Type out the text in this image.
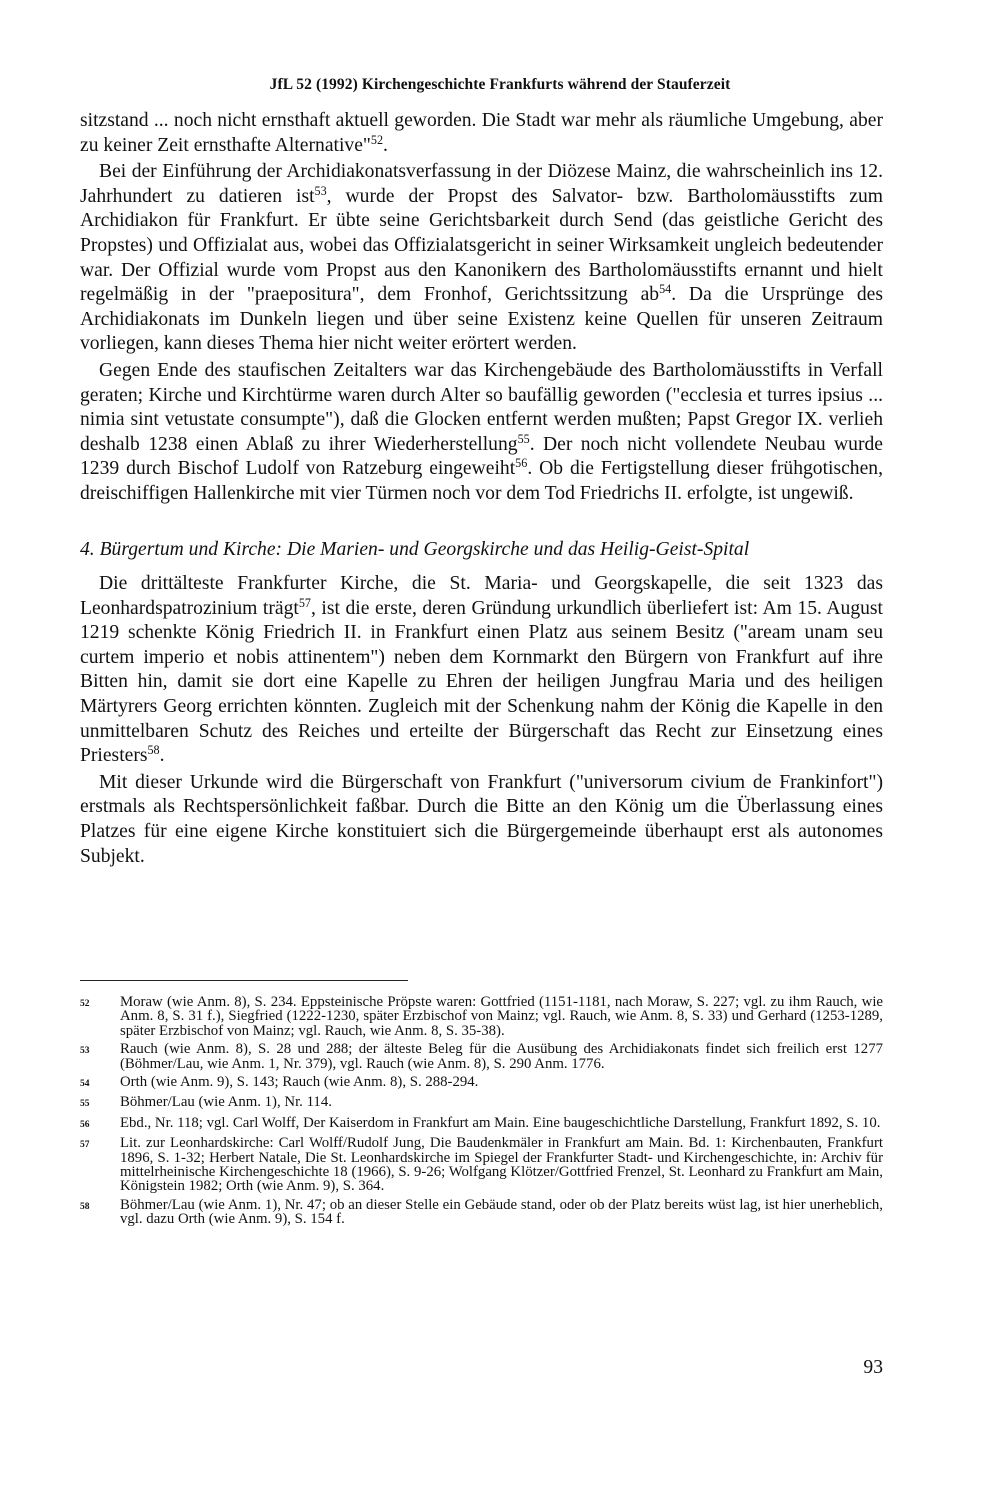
JfL 52 (1992) Kirchengeschichte Frankfurts während der Stauferzeit

sitzstand ... noch nicht ernsthaft aktuell geworden. Die Stadt war mehr als räumliche Umgebung, aber zu keiner Zeit ernsthafte Alternative"$^{52}$.

Bei der Einführung der Archidiakonatsverfassung in der Diözese Mainz, die wahrscheinlich ins 12. Jahrhundert zu datieren ist$^{53}$, wurde der Propst des Salvator- bzw. Bartholomäusstifts zum Archidiakon für Frankfurt. Er übte seine Gerichtsbarkeit durch Send (das geistliche Gericht des Propstes) und Offizialat aus, wobei das Offizialatsgericht in seiner Wirksamkeit ungleich bedeutender war. Der Offizial wurde vom Propst aus den Kanonikern des Bartholomäusstifts ernannt und hielt regelmäßig in der "praepositura", dem Fronhof, Gerichtssitzung $ab^{54}$. Da die Ursprünge des Archidiakonats im Dunkeln liegen und über seine Existenz keine Quellen für unseren Zeitraum vorliegen, kann dieses Thema hier nicht weiter erörtert werden.

Gegen Ende des staufischen Zeitalters war das Kirchengebäude des Bartholomäusstifts in Verfall geraten; Kirche und Kirchtürme waren durch Alter so baufällig geworden ("ecclesia et turres ipsius ... nimia sint vetustate consumpte"), daß die Glocken entfernt werden mußten; Papst Gregor IX. verlieh deshalb 1238 einen Ablaß zu ihrer Wiederherstellung$^{55}$. Der noch nicht vollendete Neubau wurde 1239 durch Bischof Ludolf von Ratzeburg eingeweiht$^{56}$. Ob die Fertigstellung dieser frühgotischen, dreischiffigen Hallenkirche mit vier Türmen noch vor dem Tod Friedrichs II. erfolgte, ist ungewiß.

4. Bürgertum und Kirche: Die Marien- und Georgskirche und das Heilig-Geist-Spital

Die drittälteste Frankfurter Kirche, die St. Maria- und Georgskapelle, die seit 1323 das Leonhardspatrozinium trägt$^{57}$, ist die erste, deren Gründung urkundlich überliefert ist: Am 15. August 1219 schenkte König Friedrich II. in Frankfurt einen Platz aus seinem Besitz ("aream unam seu curtem imperio et nobis attinentem") neben dem Kornmarkt den Bürgern von Frankfurt auf ihre Bitten hin, damit sie dort eine Kapelle zu Ehren der heiligen Jungfrau Maria und des heiligen Märtyrers Georg errichten könnten. Zugleich mit der Schenkung nahm der König die Kapelle in den unmittelbaren Schutz des Reiches und erteilte der Bürgerschaft das Recht zur Einsetzung eines Priesters$^{58}$.

Mit dieser Urkunde wird die Bürgerschaft von Frankfurt ("universorum civium de Frankinfort") erstmals als Rechtspersönlichkeit faßbar. Durch die Bitte an den König um die Überlassung eines Platzes für eine eigene Kirche konstituiert sich die Bürgergemeinde überhaupt erst als autonomes Subjekt.

52	Moraw (wie Anm. 8), S. 234. Eppsteinische Pröpste waren: Gottfried (1151-1181, nach Moraw, S. 227; vgl. zu ihm Rauch, wie Anm. 8, S. 31 f.), Siegfried (1222-1230, später Erzbischof von Mainz; vgl. Rauch, wie Anm. 8, S. 33) und Gerhard (1253-1289, später Erzbischof von Mainz; vgl. Rauch, wie Anm. 8, S. 35-38).
53	Rauch (wie Anm. 8), S. 28 und 288; der älteste Beleg für die Ausübung des Archidiakonats findet sich freilich erst 1277 (Böhmer/Lau, wie Anm. 1, Nr. 379), vgl. Rauch (wie Anm. 8), S. 290 Anm. 1776.
54	Orth (wie Anm. 9), S. 143; Rauch (wie Anm. 8), S. 288-294.
55	Böhmer/Lau (wie Anm. 1), Nr. 114.
56	Ebd., Nr. 118; vgl. Carl Wolff, Der Kaiserdom in Frankfurt am Main. Eine baugeschichtliche Darstellung, Frankfurt 1892, S. 10.
57	Lit. zur Leonhardskirche: Carl Wolff/Rudolf Jung, Die Baudenkmäler in Frankfurt am Main. Bd. 1: Kirchenbauten, Frankfurt 1896, S. 1-32; Herbert Natale, Die St. Leonhardskirche im Spiegel der Frankfurter Stadt- und Kirchengeschichte, in: Archiv für mittelrheinische Kirchengeschichte 18 (1966), S. 9-26; Wolfgang Klötzer/Gottfried Frenzel, St. Leonhard zu Frankfurt am Main, Königstein 1982; Orth (wie Anm. 9), S. 364.
58	Böhmer/Lau (wie Anm. 1), Nr. 47; ob an dieser Stelle ein Gebäude stand, oder ob der Platz bereits wüst lag, ist hier unerheblich, vgl. dazu Orth (wie Anm. 9), S. 154 f.
93
